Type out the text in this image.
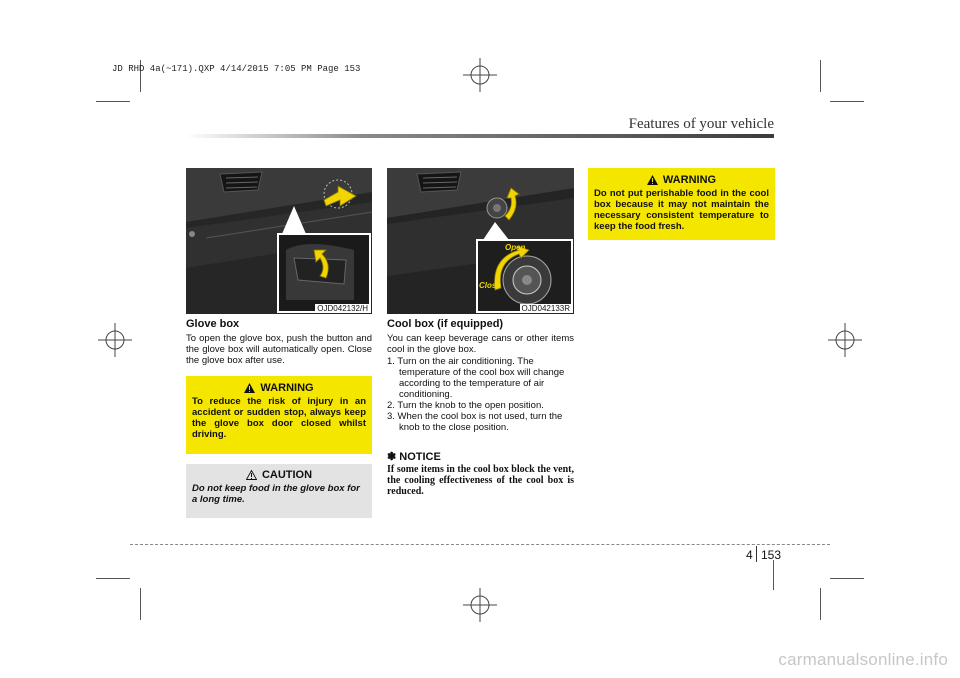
JD RHD 4a(~171).QXP 4/14/2015 7:05 PM Page 153
Features of your vehicle
OJD042132/H
Open
Close
OJD042133R
Glove box
To open the glove box, push the button and the glove box will automatically open. Close the glove box after use.
WARNING
To reduce the risk of injury in an accident or sudden stop, always keep the glove box door closed whilst driving.
CAUTION
Do not keep food in the glove box for a long time.
Cool box (if equipped)
You can keep beverage cans or other items cool in the glove box.
1. Turn on the air conditioning. The temperature of the cool box will change according to the temperature of air conditioning.
2. Turn the knob to the open position.
3. When the cool box is not used, turn the knob to the close position.
✽ NOTICE
If some items in the cool box block the vent, the cooling effectiveness of the cool box is reduced.
WARNING
Do not put perishable food in the cool box because it may not maintain the necessary consistent temperature to keep the food fresh.
4 153
carmanualsonline.info
